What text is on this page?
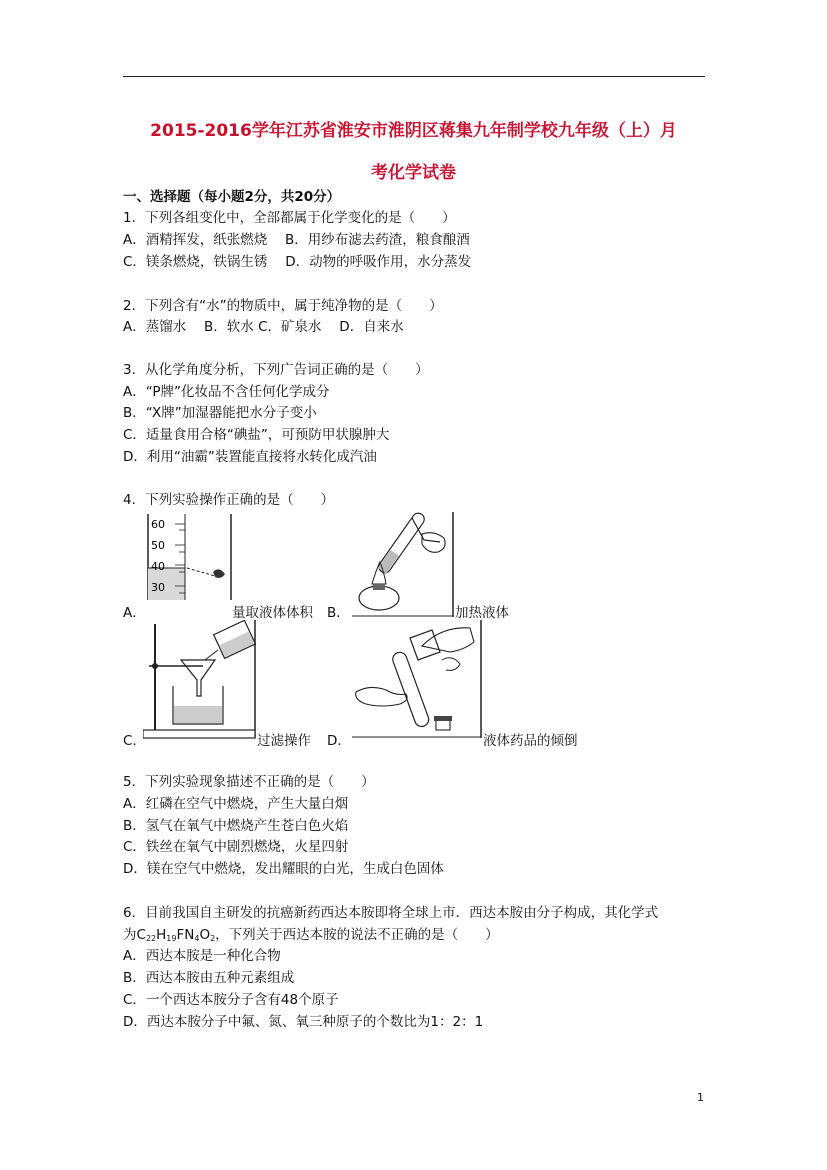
2015-2016学年江苏省淮安市淮阴区蒋集九年制学校九年级（上）月
考化学试卷
一、选择题（每小题2分，共20分）
1．下列各组变化中，全部都属于化学变化的是（　　）
A．酒精挥发，纸张燃烧　 B．用纱布滤去药渣，粮食酿酒
C．镁条燃烧，铁锅生锈　 D．动物的呼吸作用，水分蒸发
2．下列含有“水”的物质中，属于纯净物的是（　　）
A．蒸馏水　 B．软水 C．矿泉水　 D．自来水
3．从化学角度分析，下列广告词正确的是（　　）
A．“P牌”化妆品不含任何化学成分
B．“X牌”加湿器能把水分子变小
C．适量食用合格“碘盐”，可预防甲状腺肿大
D．利用“油霸”装置能直接将水转化成汽油
4．下列实验操作正确的是（　　）
60
50
40
30
A．	量取液体体积 B．	加热液体
C．	过滤操作 D．	液体药品的倾倒
5．下列实验现象描述不正确的是（　　）
A．红磷在空气中燃烧，产生大量白烟
B．氢气在氧气中燃烧产生苍白色火焰
C．铁丝在氧气中剧烈燃烧，火星四射
D．镁在空气中燃烧，发出耀眼的白光，生成白色固体
6．目前我国自主研发的抗癌新药西达本胺即将全球上市．西达本胺由分子构成，其化学式
为$C_{22}H_{19}FN_4O_2$，下列关于西达本胺的说法不正确的是（　　）
A．西达本胺是一种化合物
B．西达本胺由五种元素组成
C．一个西达本胺分子含有48个原子
D．西达本胺分子中氟、氮、氧三种原子的个数比为1：2：1
1
